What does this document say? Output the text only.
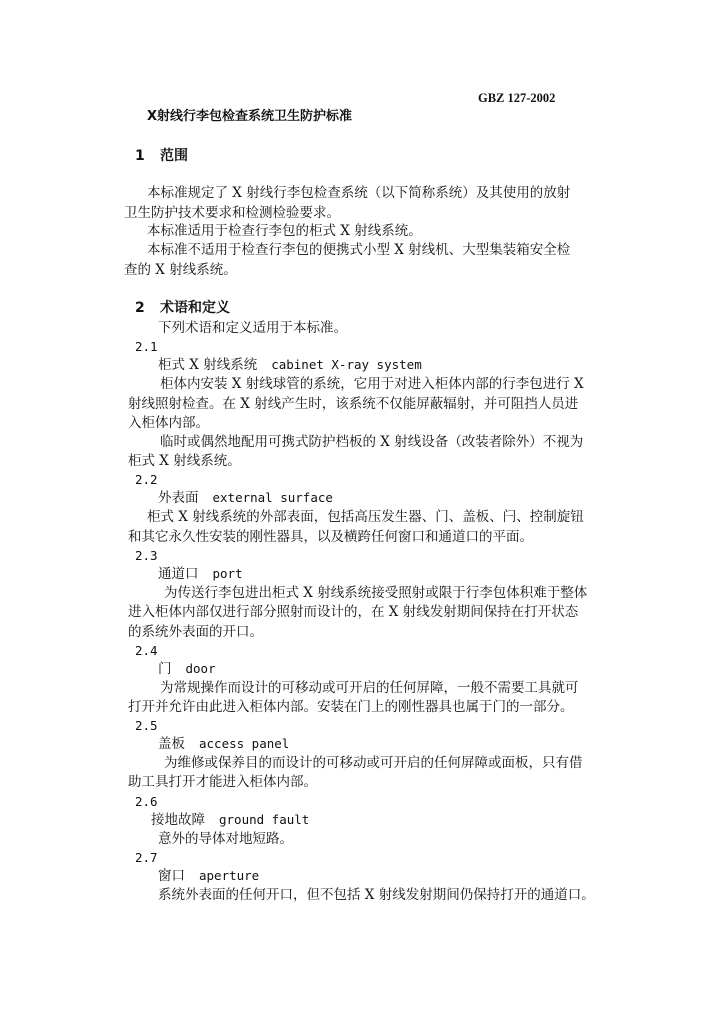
GBZ 127-2002
X射线行李包检查系统卫生防护标准
1 范围
本标准规定了 X 射线行李包检查系统（以下简称系统）及其使用的放射
卫生防护技术要求和检测检验要求。
本标准适用于检查行李包的柜式 X 射线系统。
本标准不适用于检查行李包的便携式小型 X 射线机、大型集装箱安全检
查的 X 射线系统。
2 术语和定义
下列术语和定义适用于本标准。
2.1
柜式 X 射线系统 cabinet X-ray system
柜体内安装 X 射线球管的系统，它用于对进入柜体内部的行李包进行 X
射线照射检查。在 X 射线产生时，该系统不仅能屏蔽辐射，并可阻挡人员进
入柜体内部。
临时或偶然地配用可携式防护档板的 X 射线设备（改装者除外）不视为
柜式 X 射线系统。
2.2
外表面 external surface
柜式 X 射线系统的外部表面，包括高压发生器、门、盖板、闩、控制旋钮
和其它永久性安装的刚性器具，以及横跨任何窗口和通道口的平面。
2.3
通道口 port
为传送行李包进出柜式 X 射线系统接受照射或限于行李包体积难于整体
进入柜体内部仅进行部分照射而设计的，在 X 射线发射期间保持在打开状态
的系统外表面的开口。
2.4
门 door
为常规操作而设计的可移动或可开启的任何屏障，一般不需要工具就可
打开并允许由此进入柜体内部。安装在门上的刚性器具也属于门的一部分。
2.5
盖板 access panel
为维修或保养目的而设计的可移动或可开启的任何屏障或面板，只有借
助工具打开才能进入柜体内部。
2.6
接地故障 ground fault
意外的导体对地短路。
2.7
窗口 aperture
系统外表面的任何开口，但不包括 X 射线发射期间仍保持打开的通道口。
